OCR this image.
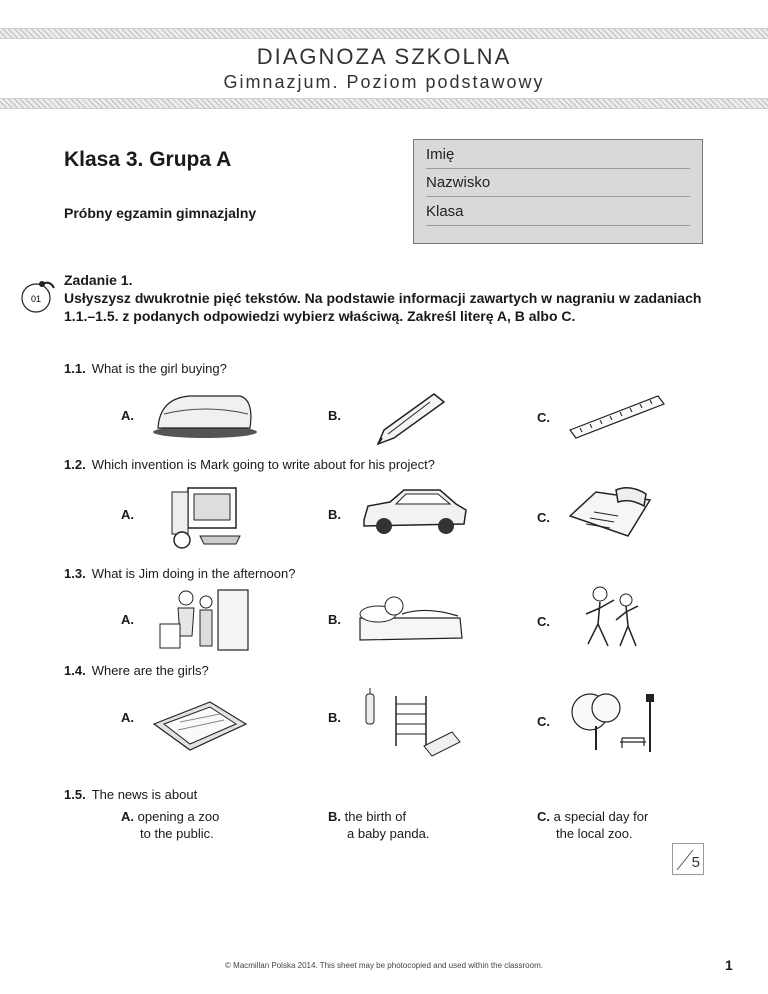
DIAGNOZA SZKOLNA
Gimnazjum. Poziom podstawowy
Klasa 3. Grupa A
Próbny egzamin gimnazjalny
Imię
Nazwisko
Klasa
01
Zadanie 1.
Usłyszysz dwukrotnie pięć tekstów. Na podstawie informacji zawartych w nagraniu w zadaniach 1.1.–1.5. z podanych odpowiedzi wybierz właściwą. Zakreśl literę A, B albo C.
1.1. What is the girl buying?
A.	B.	C.
1.2. Which invention is Mark going to write about for his project?
A.	B.	C.
1.3. What is Jim doing in the afternoon?
A.	B.	C.
1.4. Where are the girls?
A.	B.	C.
1.5. The news is about
A. opening a zoo
to the public.
B. the birth of
a baby panda.
C. a special day for
the local zoo.
5
© Macmillan Polska 2014. This sheet may be photocopied and used within the classroom.	1
